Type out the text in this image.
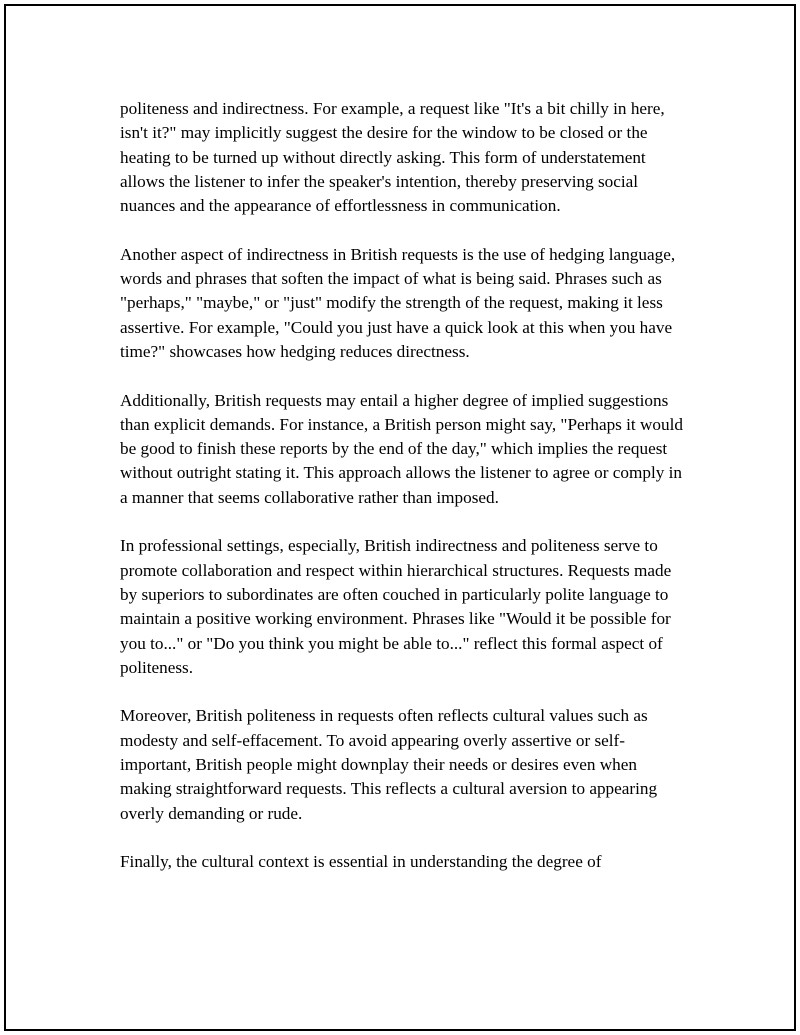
politeness and indirectness. For example, a request like "It's a bit chilly in here, isn't it?" may implicitly suggest the desire for the window to be closed or the heating to be turned up without directly asking. This form of understatement allows the listener to infer the speaker's intention, thereby preserving social nuances and the appearance of effortlessness in communication.

Another aspect of indirectness in British requests is the use of hedging language, words and phrases that soften the impact of what is being said. Phrases such as "perhaps," "maybe," or "just" modify the strength of the request, making it less assertive. For example, "Could you just have a quick look at this when you have time?" showcases how hedging reduces directness.

Additionally, British requests may entail a higher degree of implied suggestions than explicit demands. For instance, a British person might say, "Perhaps it would be good to finish these reports by the end of the day," which implies the request without outright stating it. This approach allows the listener to agree or comply in a manner that seems collaborative rather than imposed.

In professional settings, especially, British indirectness and politeness serve to promote collaboration and respect within hierarchical structures. Requests made by superiors to subordinates are often couched in particularly polite language to maintain a positive working environment. Phrases like "Would it be possible for you to..." or "Do you think you might be able to..." reflect this formal aspect of politeness.

Moreover, British politeness in requests often reflects cultural values such as modesty and self-effacement. To avoid appearing overly assertive or self-important, British people might downplay their needs or desires even when making straightforward requests. This reflects a cultural aversion to appearing overly demanding or rude.

Finally, the cultural context is essential in understanding the degree of
